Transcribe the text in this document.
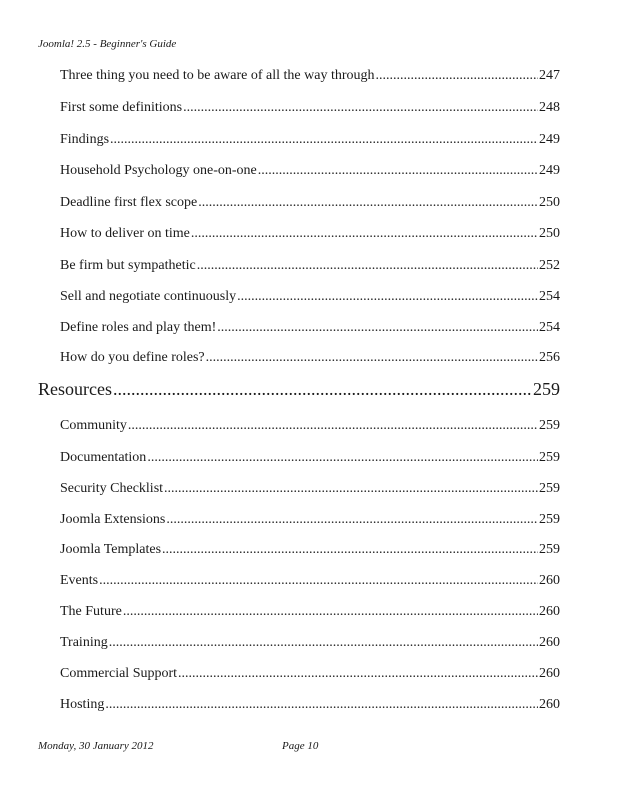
Joomla! 2.5 - Beginner's Guide
Three thing you need to be aware of all the way through .....	247
First some definitions .....	248
Findings .....	249
Household Psychology one-on-one .....	249
Deadline first flex scope .....	250
How to deliver on time .....	250
Be firm but sympathetic .....	252
Sell and negotiate continuously .....	254
Define roles and play them! .....	254
How do you define roles? .....	256
Resources .....	259
Community .....	259
Documentation .....	259
Security Checklist .....	259
Joomla Extensions .....	259
Joomla Templates .....	259
Events .....	260
The Future .....	260
Training .....	260
Commercial Support .....	260
Hosting .....	260
Monday, 30 January 2012	Page 10
